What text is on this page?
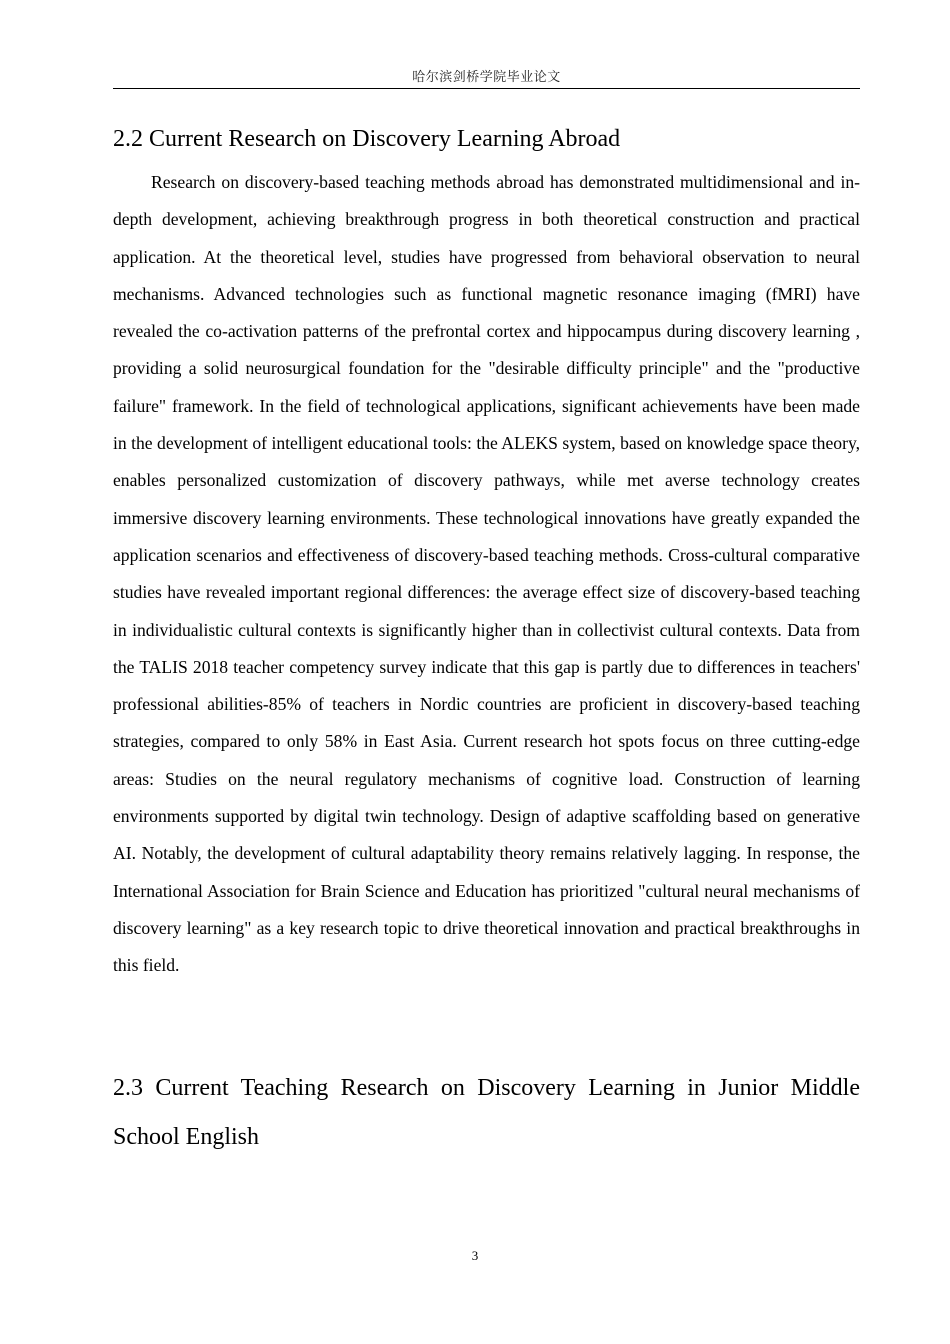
哈尔滨剑桥学院毕业论文
2.2 Current Research on Discovery Learning Abroad

Research on discovery-based teaching methods abroad has demonstrated multidimensional and in-depth development, achieving breakthrough progress in both theoretical construction and practical application. At the theoretical level, studies have progressed from behavioral observation to neural mechanisms. Advanced technologies such as functional magnetic resonance imaging (fMRI) have revealed the co-activation patterns of the prefrontal cortex and hippocampus during discovery learning , providing a solid neurosurgical foundation for the "desirable difficulty principle" and the "productive failure" framework. In the field of technological applications, significant achievements have been made in the development of intelligent educational tools: the ALEKS system, based on knowledge space theory, enables personalized customization of discovery pathways, while met averse technology creates immersive discovery learning environments. These technological innovations have greatly expanded the application scenarios and effectiveness of discovery-based teaching methods. Cross-cultural comparative studies have revealed important regional differences: the average effect size of discovery-based teaching in individualistic cultural contexts is significantly higher than in collectivist cultural contexts. Data from the TALIS 2018 teacher competency survey indicate that this gap is partly due to differences in teachers' professional abilities-85% of teachers in Nordic countries are proficient in discovery-based teaching strategies, compared to only 58% in East Asia. Current research hot spots focus on three cutting-edge areas: Studies on the neural regulatory mechanisms of cognitive load. Construction of learning environments supported by digital twin technology. Design of adaptive scaffolding based on generative AI. Notably, the development of cultural adaptability theory remains relatively lagging. In response, the International Association for Brain Science and Education has prioritized "cultural neural mechanisms of discovery learning" as a key research topic to drive theoretical innovation and practical breakthroughs in this field.

2.3 Current Teaching Research on Discovery Learning in Junior Middle School English
3
